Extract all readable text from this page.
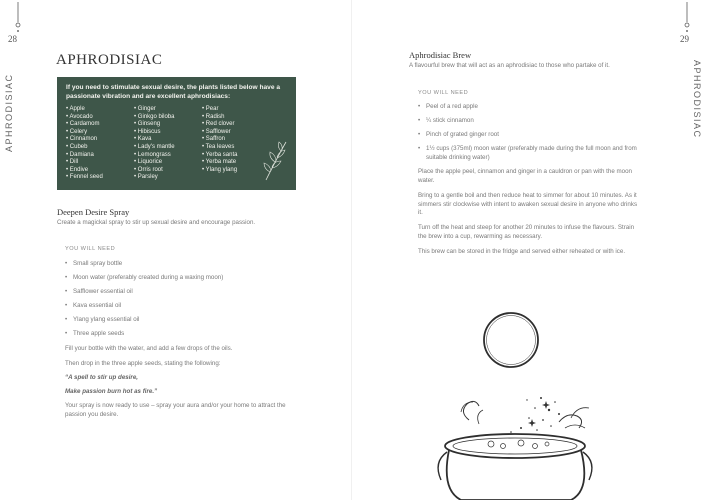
28
APHRODISIAC
APHRODISIAC
If you need to stimulate sexual desire, the plants listed below have a passionate vibration and are excellent aphrodisiacs:
• Apple
• Avocado
• Cardamom
• Celery
• Cinnamon
• Cubeb
• Damiana
• Dill
• Endive
• Fennel seed
• Ginger
• Ginkgo biloba
• Ginseng
• Hibiscus
• Kava
• Lady's mantle
• Lemongrass
• Liquorice
• Orris root
• Parsley
• Pear
• Radish
• Red clover
• Safflower
• Saffron
• Tea leaves
• Yerba santa
• Yerba mate
• Ylang ylang
Deepen Desire Spray
Create a magickal spray to stir up sexual desire and encourage passion.
YOU WILL NEED
• Small spray bottle
• Moon water (preferably created during a waxing moon)
• Safflower essential oil
• Kava essential oil
• Ylang ylang essential oil
• Three apple seeds
Fill your bottle with the water, and add a few drops of the oils.
Then drop in the three apple seeds, stating the following:
“A spell to stir up desire,
Make passion burn hot as fire.”
Your spray is now ready to use – spray your aura and/or your home to attract the passion you desire.
29
APHRODISIAC
Aphrodisiac Brew
A flavourful brew that will act as an aphrodisiac to those who partake of it.
YOU WILL NEED
• Peel of a red apple
• ¼ stick cinnamon
• Pinch of grated ginger root
• 1½ cups (375ml) moon water (preferably made during the full moon and from suitable drinking water)
Place the apple peel, cinnamon and ginger in a cauldron or pan with the moon water.
Bring to a gentle boil and then reduce heat to simmer for about 10 minutes. As it simmers stir clockwise with intent to awaken sexual desire in anyone who drinks it.
Turn off the heat and steep for another 20 minutes to infuse the flavours. Strain the brew into a cup, rewarming as necessary.
This brew can be stored in the fridge and served either reheated or with ice.
